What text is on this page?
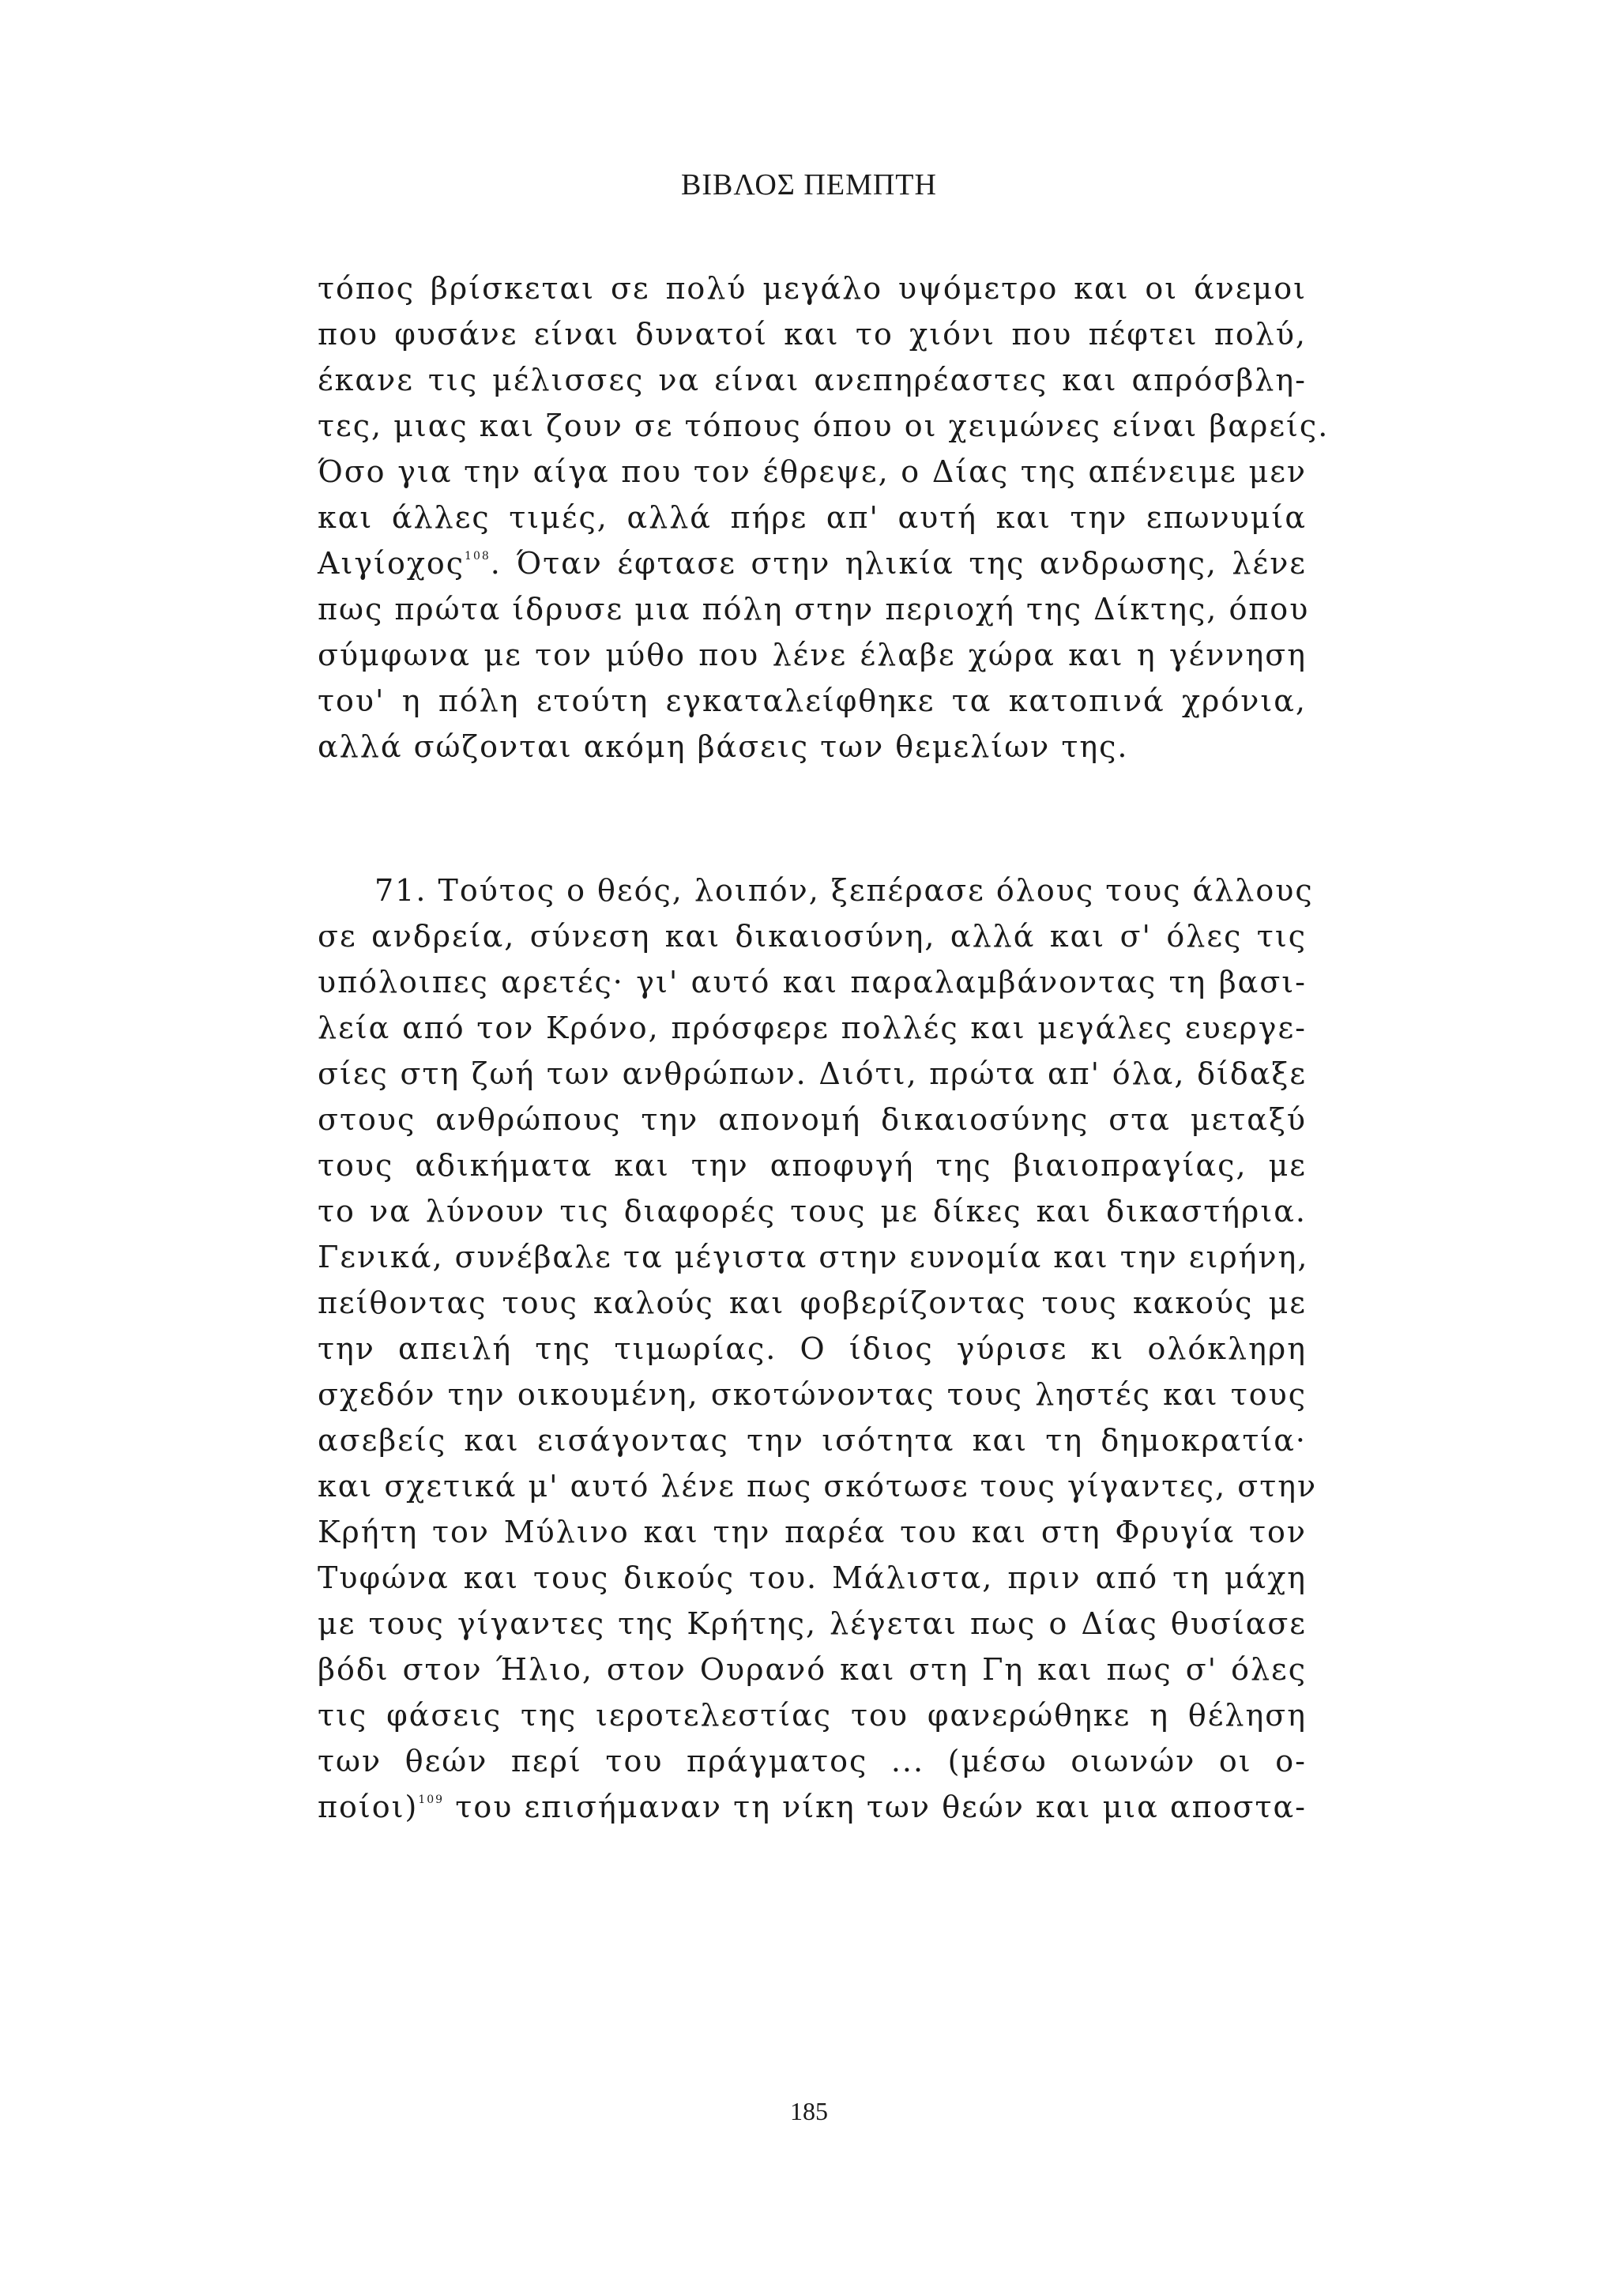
ΒΙΒΛΟΣ ΠΕΜΠΤΗ
τόπος βρίσκεται σε πολύ μεγάλο υψόμετρο και οι άνεμοι
που φυσάνε είναι δυνατοί και το χιόνι που πέφτει πολύ,
έκανε τις μέλισσες να είναι ανεπηρέαστες και απρόσβλη-
τες, μιας και ζουν σε τόπους όπου οι χειμώνες είναι βαρείς.
Όσο για την αίγα που τον έθρεψε, ο Δίας της απένειμε μεν
και άλλες τιμές, αλλά πήρε απ' αυτή και την επωνυμία
Αιγίοχος$^{108}$. Όταν έφτασε στην ηλικία της ανδρωσης, λένε
πως πρώτα ίδρυσε μια πόλη στην περιοχή της Δίκτης, όπου
σύμφωνα με τον μύθο που λένε έλαβε χώρα και η γέννηση
του' η πόλη ετούτη εγκαταλείφθηκε τα κατοπινά χρόνια,
αλλά σώζονται ακόμη βάσεις των θεμελίων της.
71. Τούτος ο θεός, λοιπόν, ξεπέρασε όλους τους άλλους
σε ανδρεία, σύνεση και δικαιοσύνη, αλλά και σ' όλες τις
υπόλοιπες αρετές· γι' αυτό και παραλαμβάνοντας τη βασι-
λεία από τον Κρόνο, πρόσφερε πολλές και μεγάλες ευεργε-
σίες στη ζωή των ανθρώπων. Διότι, πρώτα απ' όλα, δίδαξε
στους ανθρώπους την απονομή δικαιοσύνης στα μεταξύ
τους αδικήματα και την αποφυγή της βιαιοπραγίας, με
το να λύνουν τις διαφορές τους με δίκες και δικαστήρια.
Γενικά, συνέβαλε τα μέγιστα στην ευνομία και την ειρήνη,
πείθοντας τους καλούς και φοβερίζοντας τους κακούς με
την απειλή της τιμωρίας. Ο ίδιος γύρισε κι ολόκληρη
σχεδόν την οικουμένη, σκοτώνοντας τους ληστές και τους
ασεβείς και εισάγοντας την ισότητα και τη δημοκρατία·
και σχετικά μ' αυτό λένε πως σκότωσε τους γίγαντες, στην
Κρήτη τον Μύλινο και την παρέα του και στη Φρυγία τον
Τυφώνα και τους δικούς του. Μάλιστα, πριν από τη μάχη
με τους γίγαντες της Κρήτης, λέγεται πως ο Δίας θυσίασε
βόδι στον Ήλιο, στον Ουρανό και στη Γη και πως σ' όλες
τις φάσεις της ιεροτελεστίας του φανερώθηκε η θέληση
των θεών περί του πράγματος ... (μέσω οιωνών οι ο-
ποίοι)$^{109}$ του επισήμαναν τη νίκη των θεών και μια αποστα-
185
